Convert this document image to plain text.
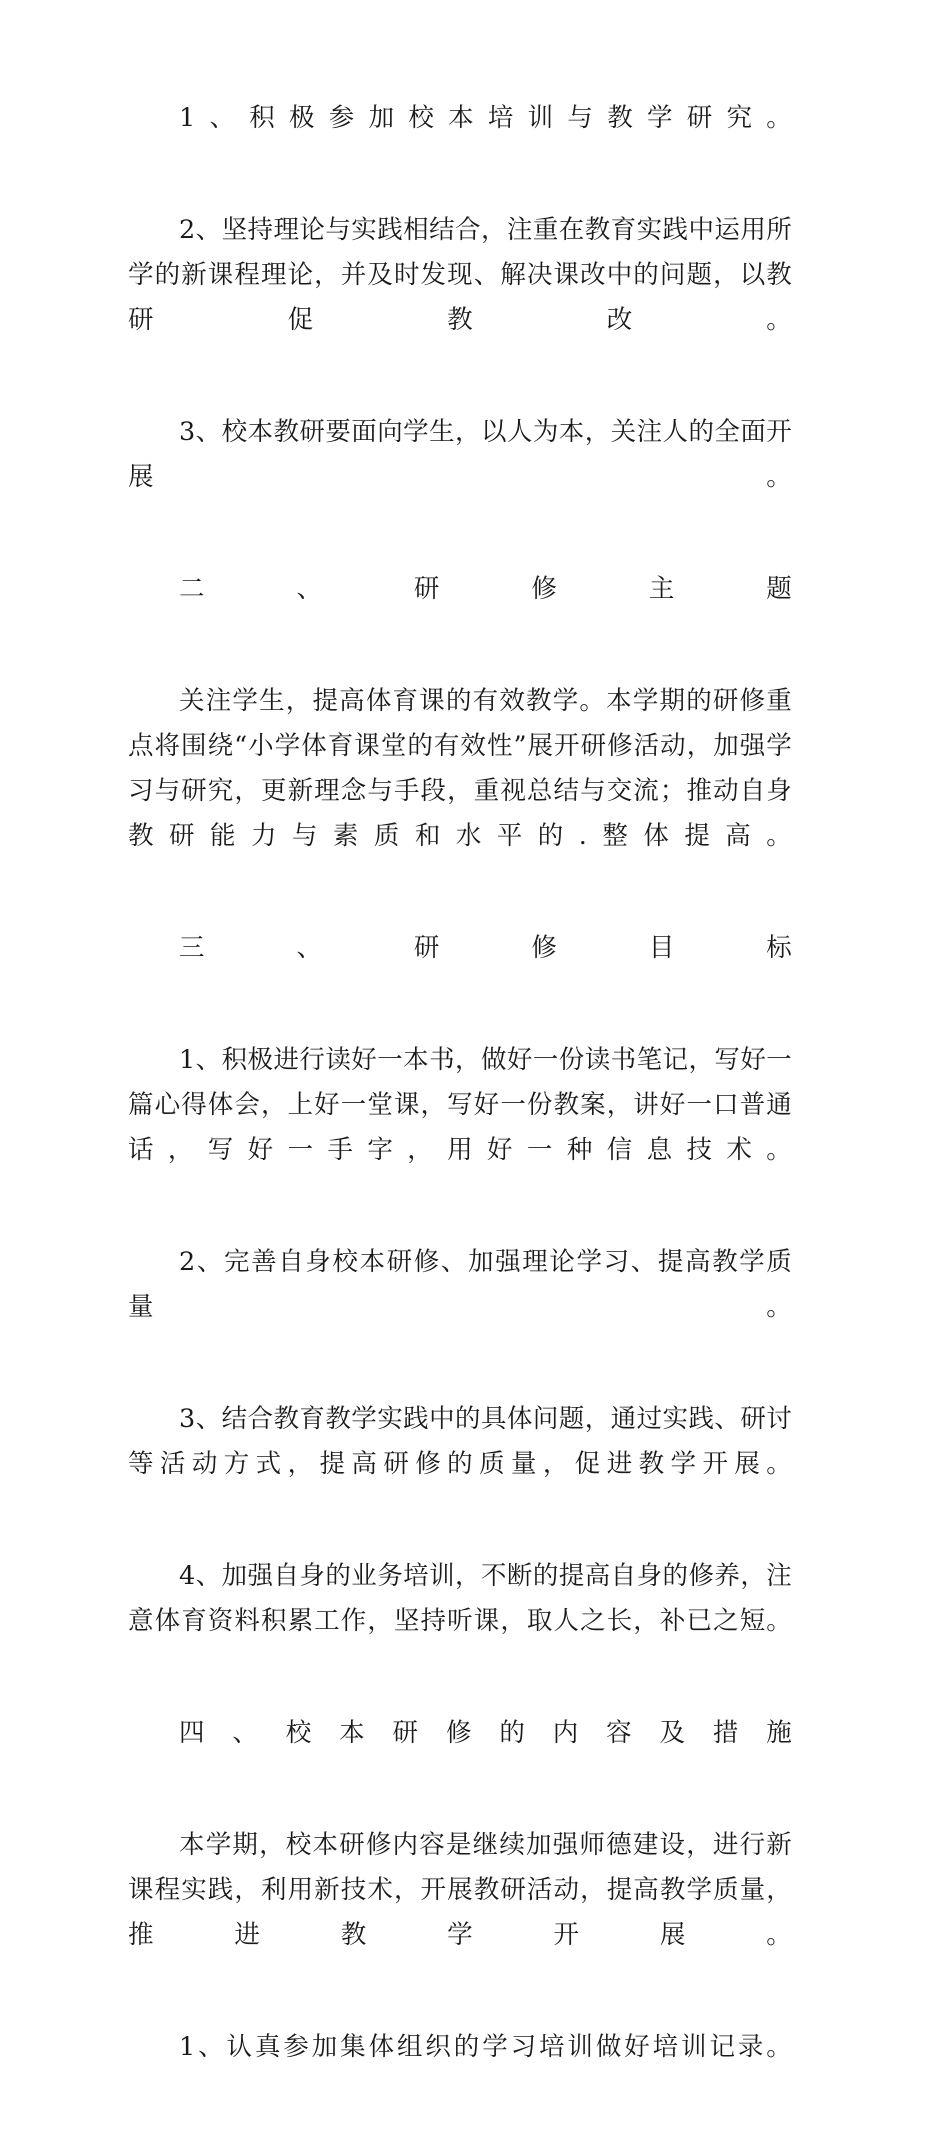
1、积极参加校本培训与教学研究。

2、坚持理论与实践相结合，注重在教育实践中运用所学的新课程理论，并及时发现、解决课改中的问题，以教研促教改。

3、校本教研要面向学生，以人为本，关注人的全面开展。

二、研修主题

关注学生，提高体育课的有效教学。本学期的研修重点将围绕“小学体育课堂的有效性”展开研修活动，加强学习与研究，更新理念与手段，重视总结与交流；推动自身教研能力与素质和水平的.整体提高。

三、研修目标

1、积极进行读好一本书，做好一份读书笔记，写好一篇心得体会，上好一堂课，写好一份教案，讲好一口普通话，写好一手字，用好一种信息技术。

2、完善自身校本研修、加强理论学习、提高教学质量。

3、结合教育教学实践中的具体问题，通过实践、研讨等活动方式，提高研修的质量，促进教学开展。

4、加强自身的业务培训，不断的提高自身的修养，注意体育资料积累工作，坚持听课，取人之长，补已之短。

四、校本研修的内容及措施

本学期，校本研修内容是继续加强师德建设，进行新课程实践，利用新技术，开展教研活动，提高教学质量，推进教学开展。

1、认真参加集体组织的学习培训做好培训记录。
